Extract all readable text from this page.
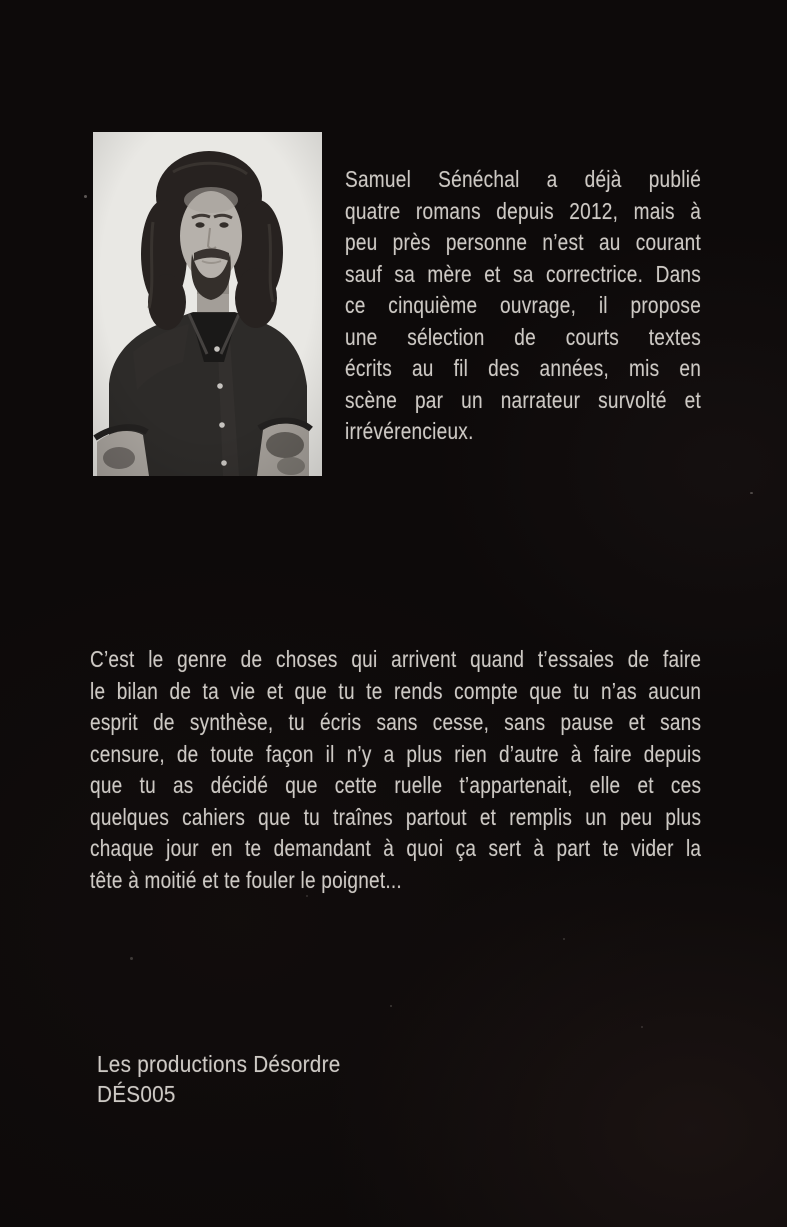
Samuel Sénéchal a déjà publié
quatre romans depuis 2012, mais à
peu près personne n’est au courant
sauf sa mère et sa correctrice. Dans
ce cinquième ouvrage, il propose
une sélection de courts textes
écrits au fil des années, mis en
scène par un narrateur survolté et
irrévérencieux.
C’est le genre de choses qui arrivent quand t’essaies de faire
le bilan de ta vie et que tu te rends compte que tu n’as aucun
esprit de synthèse, tu écris sans cesse, sans pause et sans
censure, de toute façon il n’y a plus rien d’autre à faire depuis
que tu as décidé que cette ruelle t’appartenait, elle et ces
quelques cahiers que tu traînes partout et remplis un peu plus
chaque jour en te demandant à quoi ça sert à part te vider la
tête à moitié et te fouler le poignet...
Les productions Désordre
DÉS005
